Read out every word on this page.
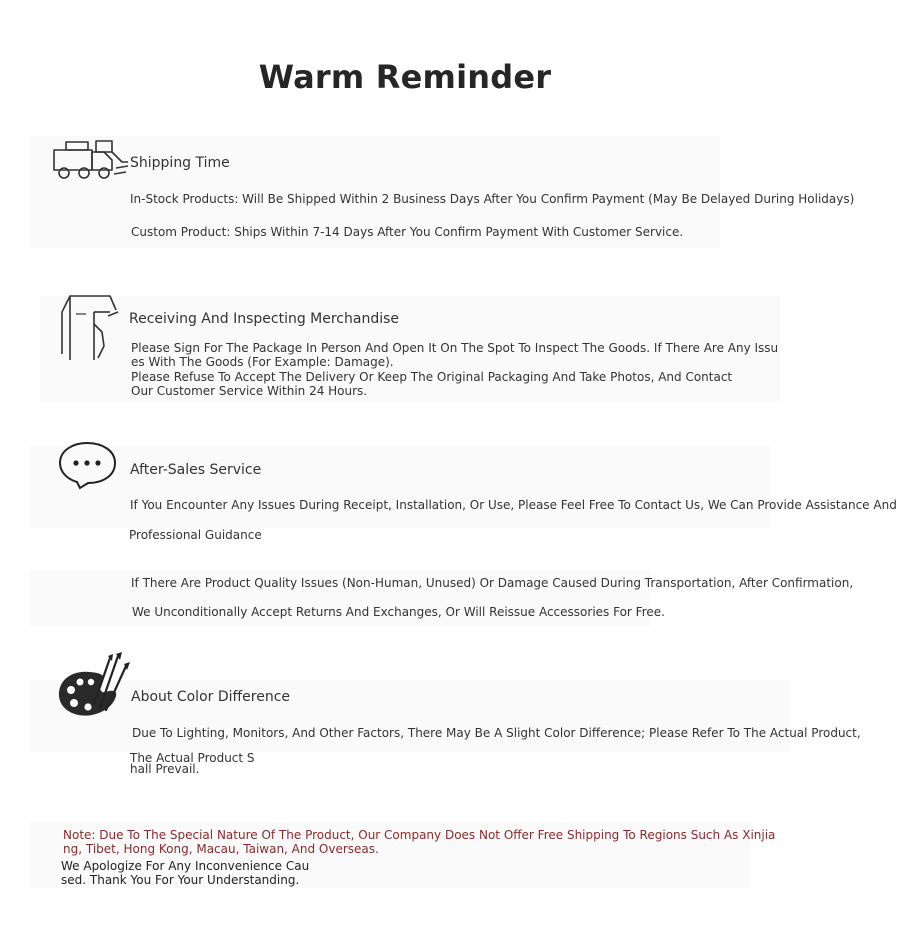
Warm Reminder
Shipping Time
In-Stock Products: Will Be Shipped Within 2 Business Days After You Confirm Payment (May Be Delayed During Holidays)
Custom Product: Ships Within 7-14 Days After You Confirm Payment With Customer Service.
Receiving And Inspecting Merchandise
Please Sign For The Package In Person And Open It On The Spot To Inspect The Goods. If There Are Any Issu
es With The Goods (For Example: Damage).
Please Refuse To Accept The Delivery Or Keep The Original Packaging And Take Photos, And Contact
Our Customer Service Within 24 Hours.
After-Sales Service
If You Encounter Any Issues During Receipt, Installation, Or Use, Please Feel Free To Contact Us, We Can Provide Assistance And
Professional Guidance
If There Are Product Quality Issues (Non-Human, Unused) Or Damage Caused During Transportation, After Confirmation,
We Unconditionally Accept Returns And Exchanges, Or Will Reissue Accessories For Free.
About Color Difference
Due To Lighting, Monitors, And Other Factors, There May Be A Slight Color Difference; Please Refer To The Actual Product,
The Actual Product S
hall Prevail.
Note: Due To The Special Nature Of The Product, Our Company Does Not Offer Free Shipping To Regions Such As Xinjia
ng, Tibet, Hong Kong, Macau, Taiwan, And Overseas.
We Apologize For Any Inconvenience Cau
sed. Thank You For Your Understanding.
